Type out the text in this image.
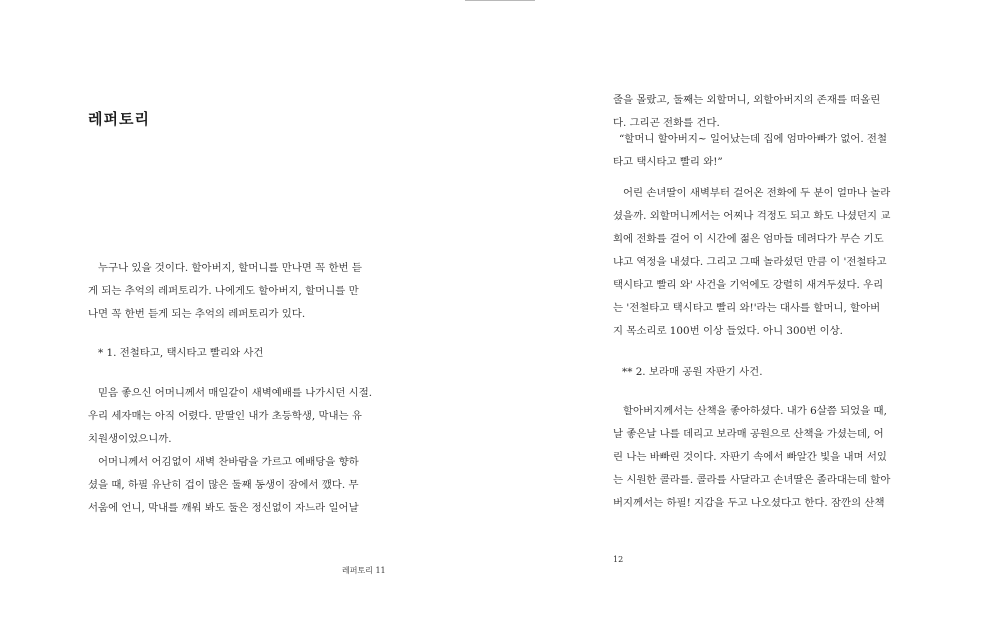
레퍼토리

누구나 있을 것이다. 할아버지, 할머니를 만나면 꼭 한번 듣

게 되는 추억의 레퍼토리가. 나에게도 할아버지, 할머니를 만

나면 꼭 한번 듣게 되는 추억의 레퍼토리가 있다.

* 1. 전철타고, 택시타고 빨리와 사건

믿음 좋으신 어머니께서 매일같이 새벽예배를 나가시던 시절.

우리 세자매는 아직 어렸다. 맏딸인 내가 초등학생, 막내는 유

치원생이었으니까.

어머니께서 어김없이 새벽 찬바람을 가르고 예배당을 향하

셨을 때, 하필 유난히 겁이 많은 둘째 동생이 잠에서 깼다. 무

서움에 언니, 막내를 깨워 봐도 둘은 정신없이 자느라 일어날

레퍼토리 11

줄을 몰랐고, 둘째는 외할머니, 외할아버지의 존재를 떠올린

다. 그리곤 전화를 건다.

“할머니 할아버지~ 일어났는데 집에 엄마아빠가 없어. 전철

타고 택시타고 빨리 와!”

어린 손녀딸이 새벽부터 걸어온 전화에 두 분이 얼마나 놀라

셨을까. 외할머니께서는 어찌나 걱정도 되고 화도 나셨던지 교

회에 전화를 걸어 이 시간에 젊은 엄마들 데려다가 무슨 기도

냐고 역정을 내셨다. 그리고 그때 놀라셨던 만큼 이 '전철타고

택시타고 빨리 와' 사건을 기억에도 강렬히 새겨두셨다. 우리

는 '전철타고 택시타고 빨리 와!'라는 대사를 할머니, 할아버

지 목소리로 100번 이상 들었다. 아니 300번 이상.

** 2. 보라매 공원 자판기 사건.

할아버지께서는 산책을 좋아하셨다. 내가 6살쯤 되었을 때,

날 좋은날 나를 데리고 보라매 공원으로 산책을 가셨는데, 어

린 나는 바빠린 것이다. 자판기 속에서 빠알간 빛을 내며 서있

는 시원한 콜라를. 콜라를 사달라고 손녀딸은 졸라대는데 할아

버지께서는 하필! 지갑을 두고 나오셨다고 한다. 잠깐의 산책

12
